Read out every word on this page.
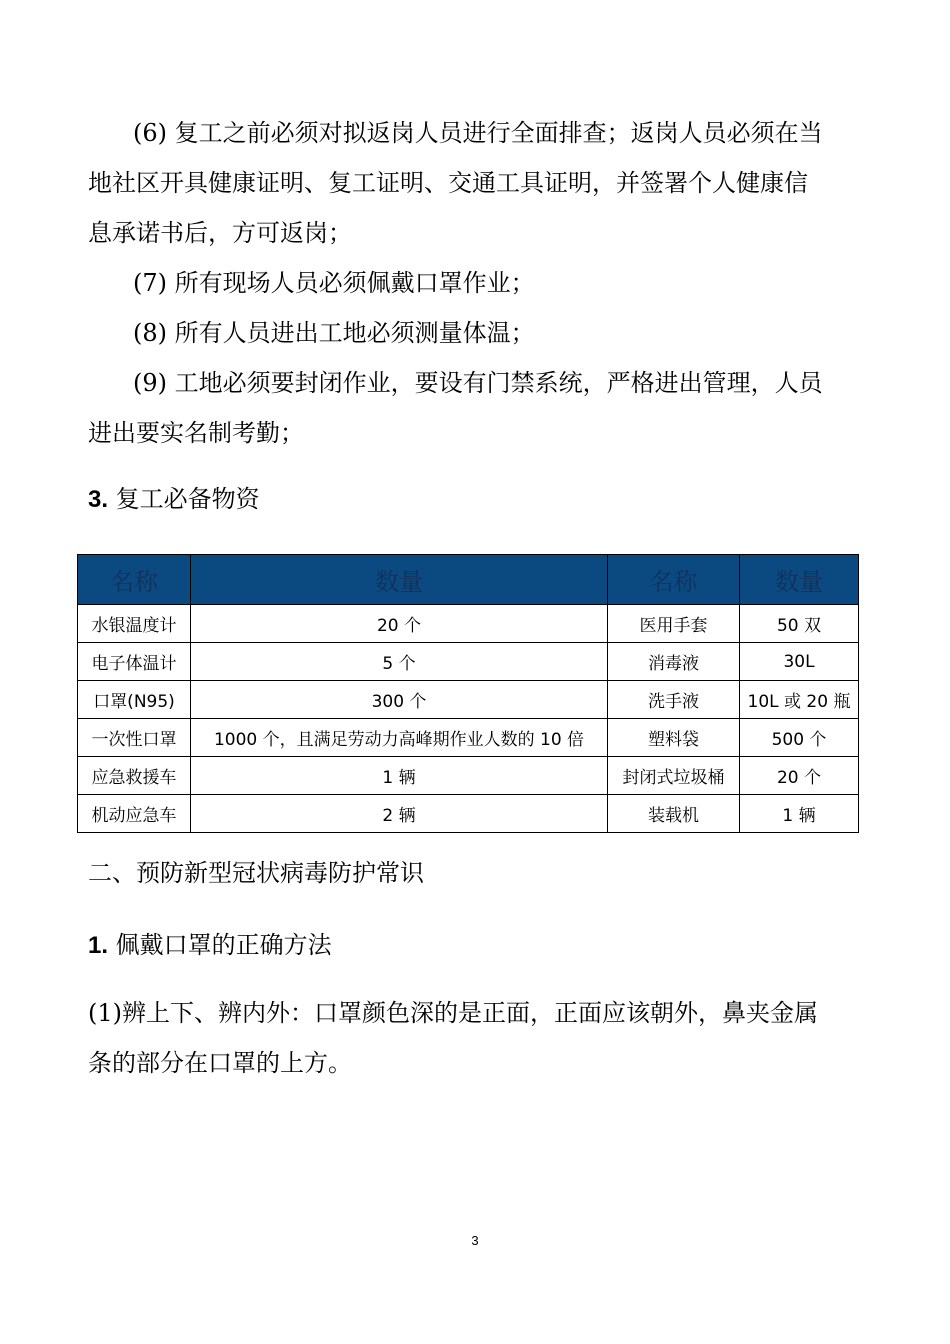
(6) 复工之前必须对拟返岗人员进行全面排查；返岗人员必须在当
地社区开具健康证明、复工证明、交通工具证明，并签署个人健康信
息承诺书后，方可返岗；
(7) 所有现场人员必须佩戴口罩作业；
(8) 所有人员进出工地必须测量体温；
(9) 工地必须要封闭作业，要设有门禁系统，严格进出管理，人员
进出要实名制考勤；
3. 复工必备物资
名称	数量	名称	数量
水银温度计	20 个	医用手套	50 双
电子体温计	5 个	消毒液	30L
口罩(N95)	300 个	洗手液	10L 或 20 瓶
一次性口罩	1000 个，且满足劳动力高峰期作业人数的 10 倍	塑料袋	500 个
应急救援车	1 辆	封闭式垃圾桶	20 个
机动应急车	2 辆	装载机	1 辆
二、预防新型冠状病毒防护常识
1. 佩戴口罩的正确方法
(1)辨上下、辨内外：口罩颜色深的是正面，正面应该朝外，鼻夹金属
条的部分在口罩的上方。
3
